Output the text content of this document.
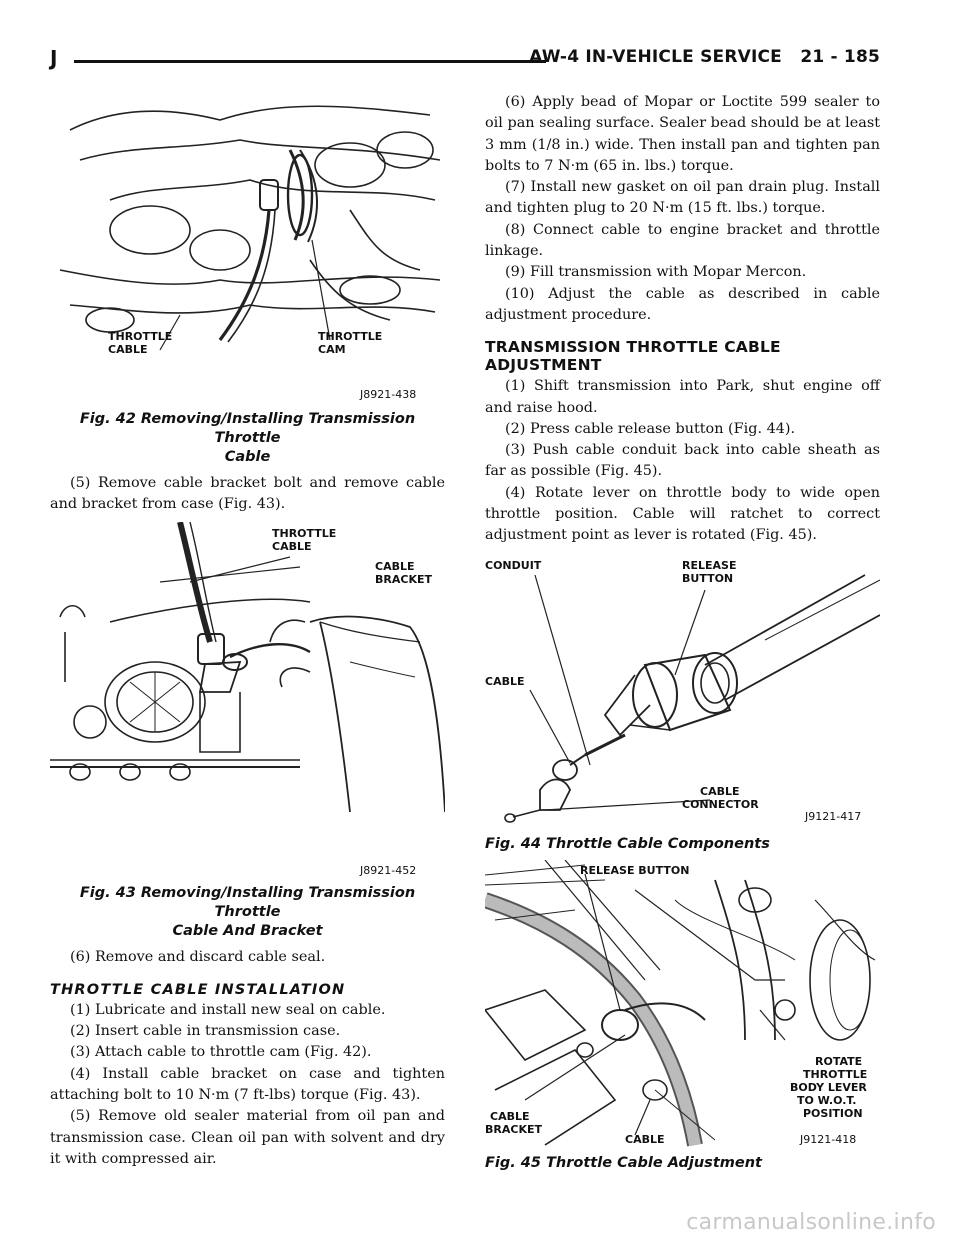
J	AW-4 IN-VEHICLE SERVICE 21 - 185
THROTTLE
CABLE
THROTTLE
CAM
J8921-438
Fig. 42 Removing/Installing Transmission Throttle
Cable

(5) Remove cable bracket bolt and remove cable and bracket from case (Fig. 43).

THROTTLE
CABLE
CABLE
BRACKET
J8921-452
Fig. 43 Removing/Installing Transmission Throttle
Cable And Bracket

(6) Remove and discard cable seal.

THROTTLE CABLE INSTALLATION

(1) Lubricate and install new seal on cable.

(2) Insert cable in transmission case.

(3) Attach cable to throttle cam (Fig. 42).

(4) Install cable bracket on case and tighten attaching bolt to 10 N·m (7 ft-lbs) torque (Fig. 43).

(5) Remove old sealer material from oil pan and transmission case. Clean oil pan with solvent and dry it with compressed air.

(6) Apply bead of Mopar or Loctite 599 sealer to oil pan sealing surface. Sealer bead should be at least 3 mm (1/8 in.) wide. Then install pan and tighten pan bolts to 7 N·m (65 in. lbs.) torque.

(7) Install new gasket on oil pan drain plug. Install and tighten plug to 20 N·m (15 ft. lbs.) torque.

(8) Connect cable to engine bracket and throttle linkage.

(9) Fill transmission with Mopar Mercon.

(10) Adjust the cable as described in cable adjustment procedure.

TRANSMISSION THROTTLE CABLE ADJUSTMENT

(1) Shift transmission into Park, shut engine off and raise hood.

(2) Press cable release button (Fig. 44).

(3) Push cable conduit back into cable sheath as far as possible (Fig. 45).

(4) Rotate lever on throttle body to wide open throttle position. Cable will ratchet to correct adjustment point as lever is rotated (Fig. 45).

CONDUIT	RELEASE
BUTTON
CABLE
CABLE
CONNECTOR
J9121-417
Fig. 44 Throttle Cable Components
RELEASE BUTTON
ROTATE
THROTTLE
BODY LEVER
TO W.O.T.
POSITION
CABLE
BRACKET
CABLE	J9121-418
Fig. 45 Throttle Cable Adjustment
carmanualsonline.info
